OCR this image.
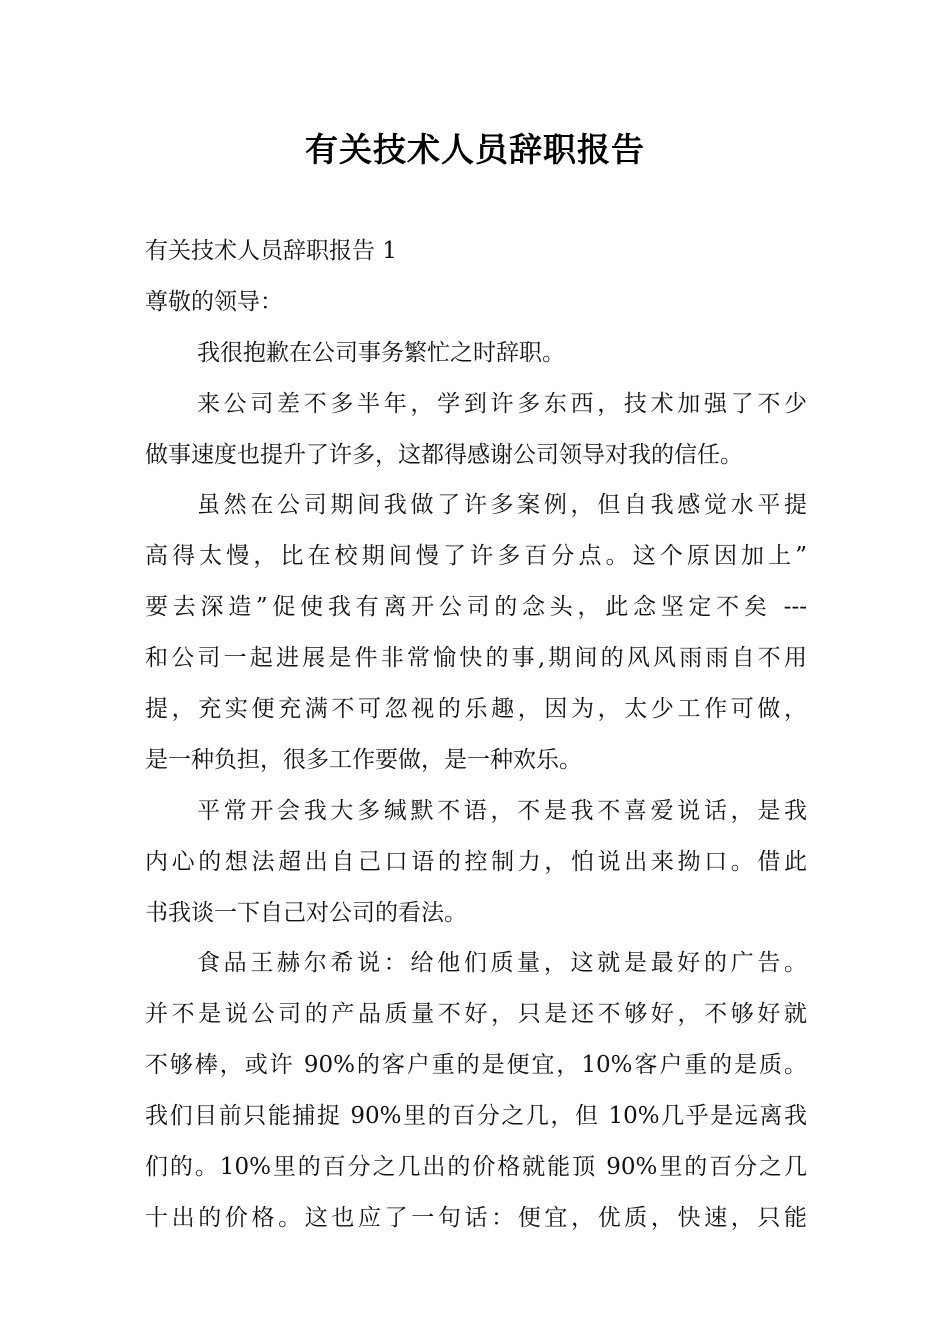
有关技术人员辞职报告
有关技术人员辞职报告 1
尊敬的领导：
我很抱歉在公司事务繁忙之时辞职。
来公司差不多半年，学到许多东西，技术加强了不少
做事速度也提升了许多，这都得感谢公司领导对我的信任。
虽然在公司期间我做了许多案例，但自我感觉水平提
高得太慢，比在校期间慢了许多百分点。这个原因加上”
要去深造”促使我有离开公司的念头，此念坚定不矣 ---
和公司一起进展是件非常愉快的事,期间的风风雨雨自不用
提，充实便充满不可忽视的乐趣，因为，太少工作可做，
是一种负担，很多工作要做，是一种欢乐。
平常开会我大多缄默不语，不是我不喜爱说话，是我
内心的想法超出自己口语的控制力，怕说出来拗口。借此
书我谈一下自己对公司的看法。
食品王赫尔希说：给他们质量，这就是最好的广告。
并不是说公司的产品质量不好，只是还不够好，不够好就
不够棒，或许 90%的客户重的是便宜，10%客户重的是质。
我们目前只能捕捉 90%里的百分之几，但 10%几乎是远离我
们的。10%里的百分之几出的价格就能顶 90%里的百分之几
十出的价格。这也应了一句话：便宜，优质，快速，只能
